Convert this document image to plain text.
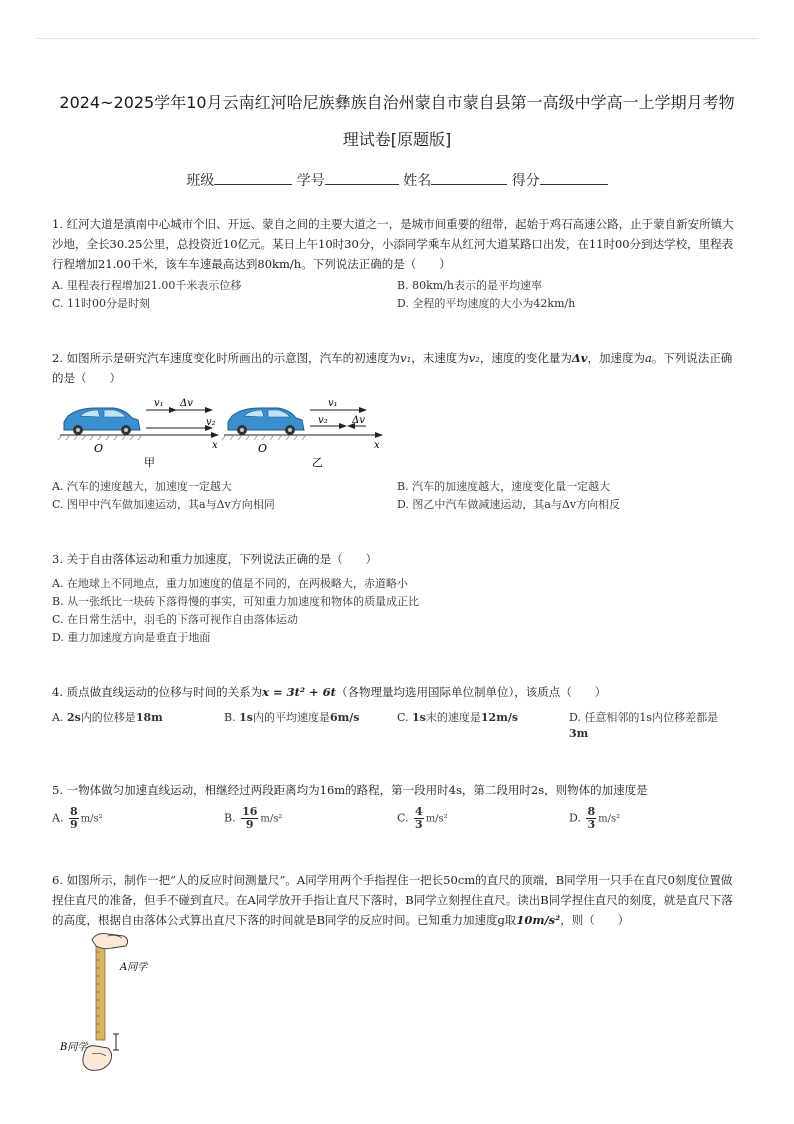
2024~2025学年10月云南红河哈尼族彝族自治州蒙自市蒙自县第一高级中学高一上学期月考物
理试卷[原题版]
班级	学号	姓名	得分
1. 红河大道是滇南中心城市个旧、开远、蒙自之间的主要大道之一，是城市间重要的纽带，起始于鸡石高速公路，止于蒙自新安所镇大沙地，全长30.25公里，总投资近10亿元。某日上午10时30分，小添同学乘车从红河大道某路口出发，在11时00分到达学校，里程表行程增加21.00千米，该车车速最高达到80km/h。下列说法正确的是（　　）
A. 里程表行程增加21.00千米表示位移	B. 80km/h表示的是平均速率
C. 11时00分是时刻	D. 全程的平均速度的大小为42km/h
2. 如图所示是研究汽车速度变化时所画出的示意图，汽车的初速度为v₁，末速度为v₂，速度的变化量为Δv，加速度为a。下列说法正确的是（　　）
v₁ Δv
v₂
O	x
甲
v₁
v₂ Δv
O	x
乙
A. 汽车的速度越大，加速度一定越大	B. 汽车的加速度越大，速度变化量一定越大
C. 图甲中汽车做加速运动，其a与Δv方向相同	D. 图乙中汽车做减速运动，其a与Δv方向相反
3. 关于自由落体运动和重力加速度，下列说法正确的是（　　）
A. 在地球上不同地点，重力加速度的值是不同的，在两极略大，赤道略小
B. 从一张纸比一块砖下落得慢的事实，可知重力加速度和物体的质量成正比
C. 在日常生活中，羽毛的下落可视作自由落体运动
D. 重力加速度方向是垂直于地面
4. 质点做直线运动的位移与时间的关系为x = 3t² + 6t（各物理量均选用国际单位制单位），该质点（　　）
A. 2s内的位移是18m	B. 1s内的平均速度是6m/s	C. 1s末的速度是12m/s	D. 任意相邻的1s内位移差都是
3m
5. 一物体做匀加速直线运动，相继经过两段距离均为16m的路程，第一段用时4s，第二段用时2s，则物体的加速度是
A. $\frac{8}{9} m/s^2$	B. $\frac{16}{9} m/s^2$	C. $\frac{4}{3} m/s^2$	D. $\frac{8}{3} m/s^2$
6. 如图所示，制作一把“人的反应时间测量尺”。A同学用两个手指捏住一把长50cm的直尺的顶端，B同学用一只手在直尺0刻度位置做捏住直尺的准备，但手不碰到直尺。在A同学放开手指让直尺下落时，B同学立刻捏住直尺。读出B同学捏住直尺的刻度，就是直尺下落的高度，根据自由落体公式算出直尺下落的时间就是B同学的反应时间。已知重力加速度g取10m/s²，则（　　）
A同学
B同学
